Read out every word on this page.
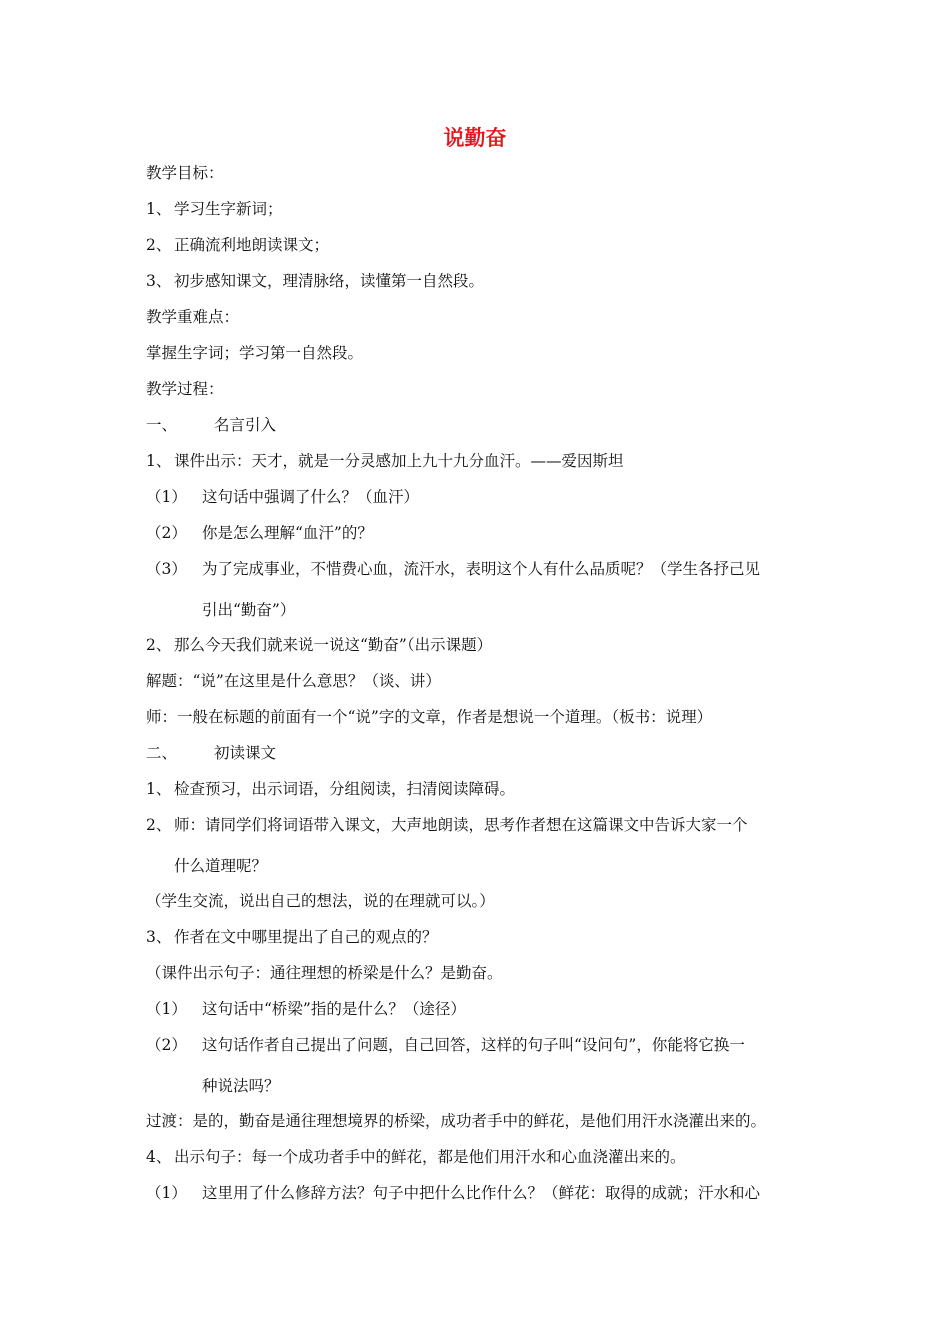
说勤奋
教学目标：
1、 学习生字新词；
2、 正确流利地朗读课文；
3、 初步感知课文，理清脉络，读懂第一自然段。
教学重难点：
掌握生字词；学习第一自然段。
教学过程：
一、 名言引入
1、 课件出示：天才，就是一分灵感加上九十九分血汗。——爱因斯坦
（1） 这句话中强调了什么？（血汗）
（2） 你是怎么理解“血汗”的？
（3） 为了完成事业，不惜费心血，流汗水，表明这个人有什么品质呢？（学生各抒己见
引出“勤奋”）
2、 那么今天我们就来说一说这“勤奋”（出示课题）
解题：“说”在这里是什么意思？（谈、讲）
师：一般在标题的前面有一个“说”字的文章，作者是想说一个道理。（板书：说理）
二、 初读课文
1、 检查预习，出示词语，分组阅读，扫清阅读障碍。
2、 师：请同学们将词语带入课文，大声地朗读，思考作者想在这篇课文中告诉大家一个
什么道理呢？
（学生交流，说出自己的想法，说的在理就可以。）
3、 作者在文中哪里提出了自己的观点的？
（课件出示句子：通往理想的桥梁是什么？是勤奋。
（1） 这句话中“桥梁”指的是什么？（途径）
（2） 这句话作者自己提出了问题，自己回答，这样的句子叫“设问句”，你能将它换一
种说法吗？
过渡：是的，勤奋是通往理想境界的桥梁，成功者手中的鲜花，是他们用汗水浇灌出来的。
4、 出示句子：每一个成功者手中的鲜花，都是他们用汗水和心血浇灌出来的。
（1） 这里用了什么修辞方法？句子中把什么比作什么？（鲜花：取得的成就；汗水和心
